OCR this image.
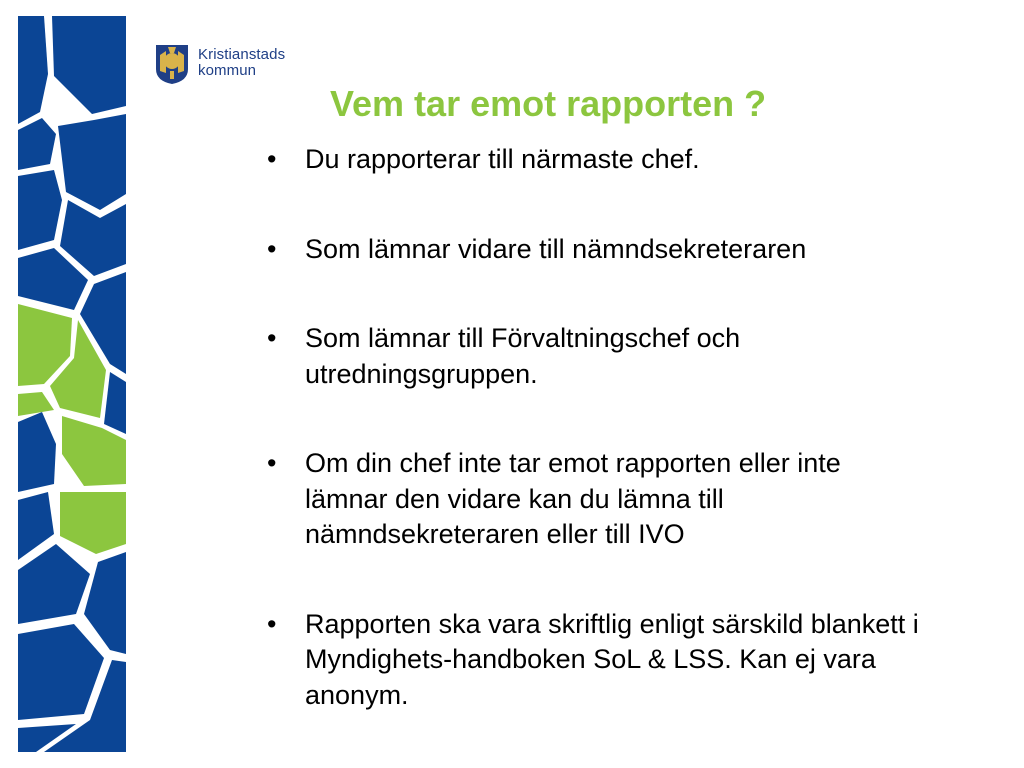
Kristianstads
kommun
Vem tar emot rapporten ?
• Du rapporterar till närmaste chef.
• Som lämnar vidare till nämndsekreteraren
• Som lämnar till Förvaltningschef och utredningsgruppen.
• Om din chef inte tar emot rapporten eller inte lämnar den vidare kan du lämna till nämndsekreteraren eller till IVO
• Rapporten ska vara skriftlig enligt särskild blankett i Myndighets-handboken SoL & LSS. Kan ej vara anonym.
